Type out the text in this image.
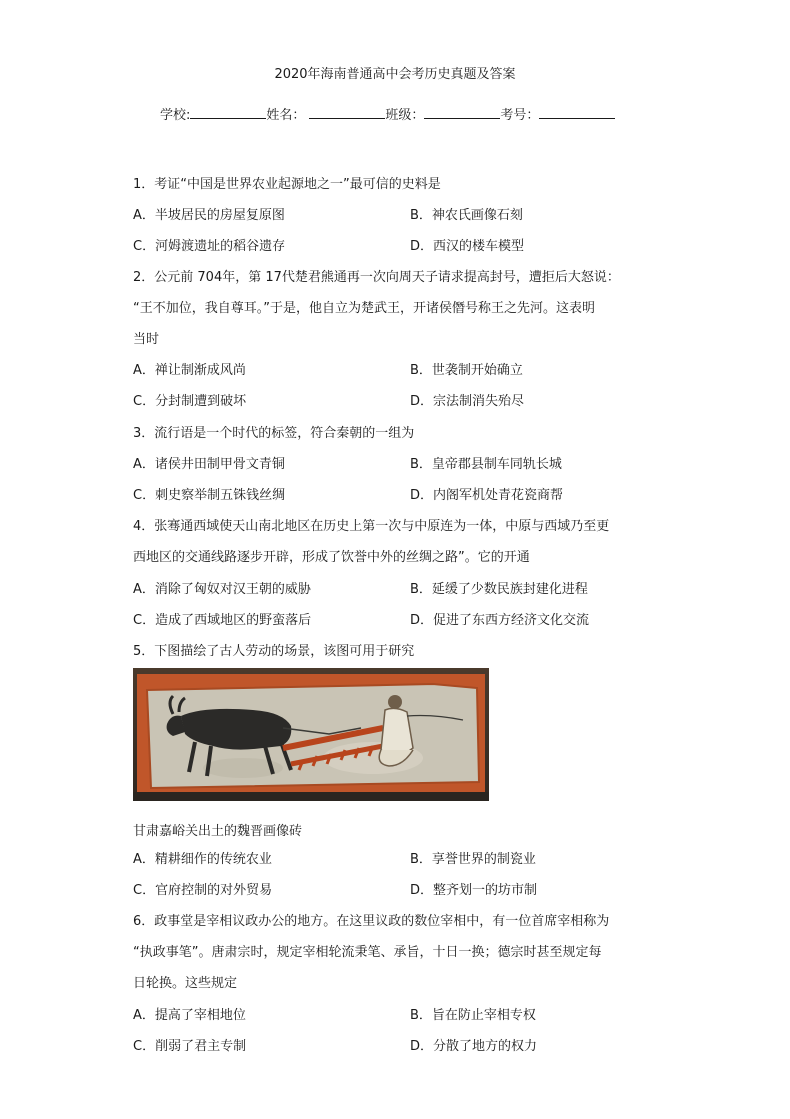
2020年海南普通高中会考历史真题及答案
学校:	姓名：	班级：	考号：
1．考证“中国是世界农业起源地之一”最可信的史料是
A．半坡居民的房屋复原图	B．神农氏画像石刻
C．河姆渡遗址的稻谷遗存	D．西汉的楼车模型
2．公元前 704年，第 17代楚君熊通再一次向周天子请求提高封号，遭拒后大怒说：
“王不加位，我自尊耳。”于是，他自立为楚武王，开诸侯僭号称王之先河。这表明
当时
A．禅让制渐成风尚	B．世袭制开始确立
C．分封制遭到破坏	D．宗法制消失殆尽
3．流行语是一个时代的标签，符合秦朝的一组为
A．诸侯井田制甲骨文青铜	B．皇帝郡县制车同轨长城
C．刺史察举制五铢钱丝绸	D．内阁军机处青花瓷商帮
4．张骞通西域使天山南北地区在历史上第一次与中原连为一体，中原与西域乃至更
西地区的交通线路逐步开辟，形成了饮誉中外的丝绸之路”。它的开通
A．消除了匈奴对汉王朝的威胁	B．延缓了少数民族封建化进程
C．造成了西域地区的野蛮落后	D．促进了东西方经济文化交流
5．下图描绘了古人劳动的场景，该图可用于研究
甘肃嘉峪关出土的魏晋画像砖
A．精耕细作的传统农业	B．享誉世界的制瓷业
C．官府控制的对外贸易	D．整齐划一的坊市制
6．政事堂是宰相议政办公的地方。在这里议政的数位宰相中，有一位首席宰相称为
“执政事笔”。唐肃宗时，规定宰相轮流秉笔、承旨，十日一换；德宗时甚至规定每
日轮换。这些规定
A．提高了宰相地位	B．旨在防止宰相专权
C．削弱了君主专制	D．分散了地方的权力
